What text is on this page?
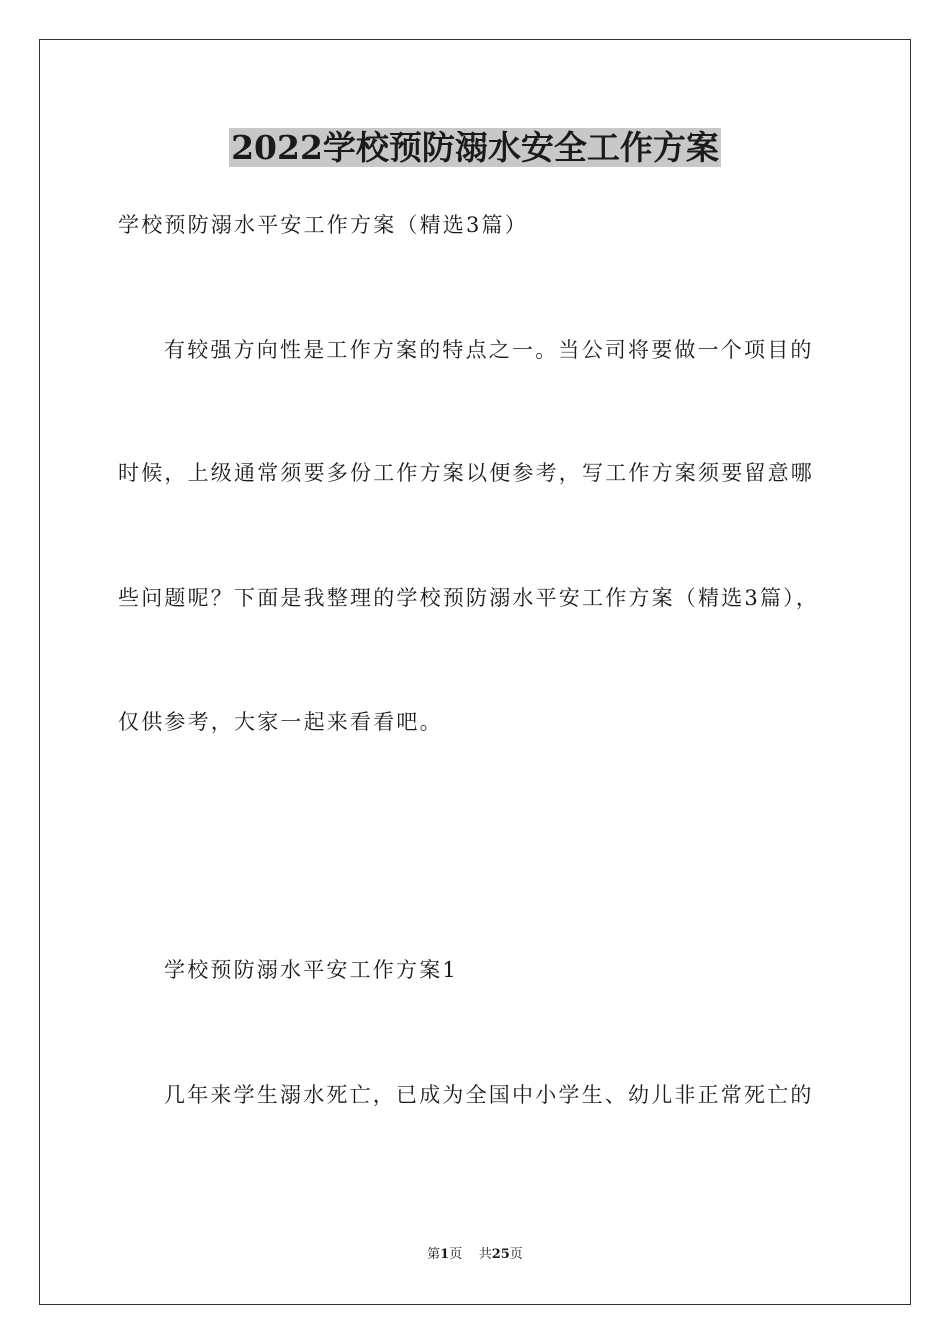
2022学校预防溺水安全工作方案
学校预防溺水平安工作方案（精选3篇）
有较强方向性是工作方案的特点之一。当公司将要做一个项目的
时候，上级通常须要多份工作方案以便参考，写工作方案须要留意哪
些问题呢？下面是我整理的学校预防溺水平安工作方案（精选3篇），
仅供参考，大家一起来看看吧。
学校预防溺水平安工作方案1
几年来学生溺水死亡，已成为全国中小学生、幼儿非正常死亡的
第1页 共25页
